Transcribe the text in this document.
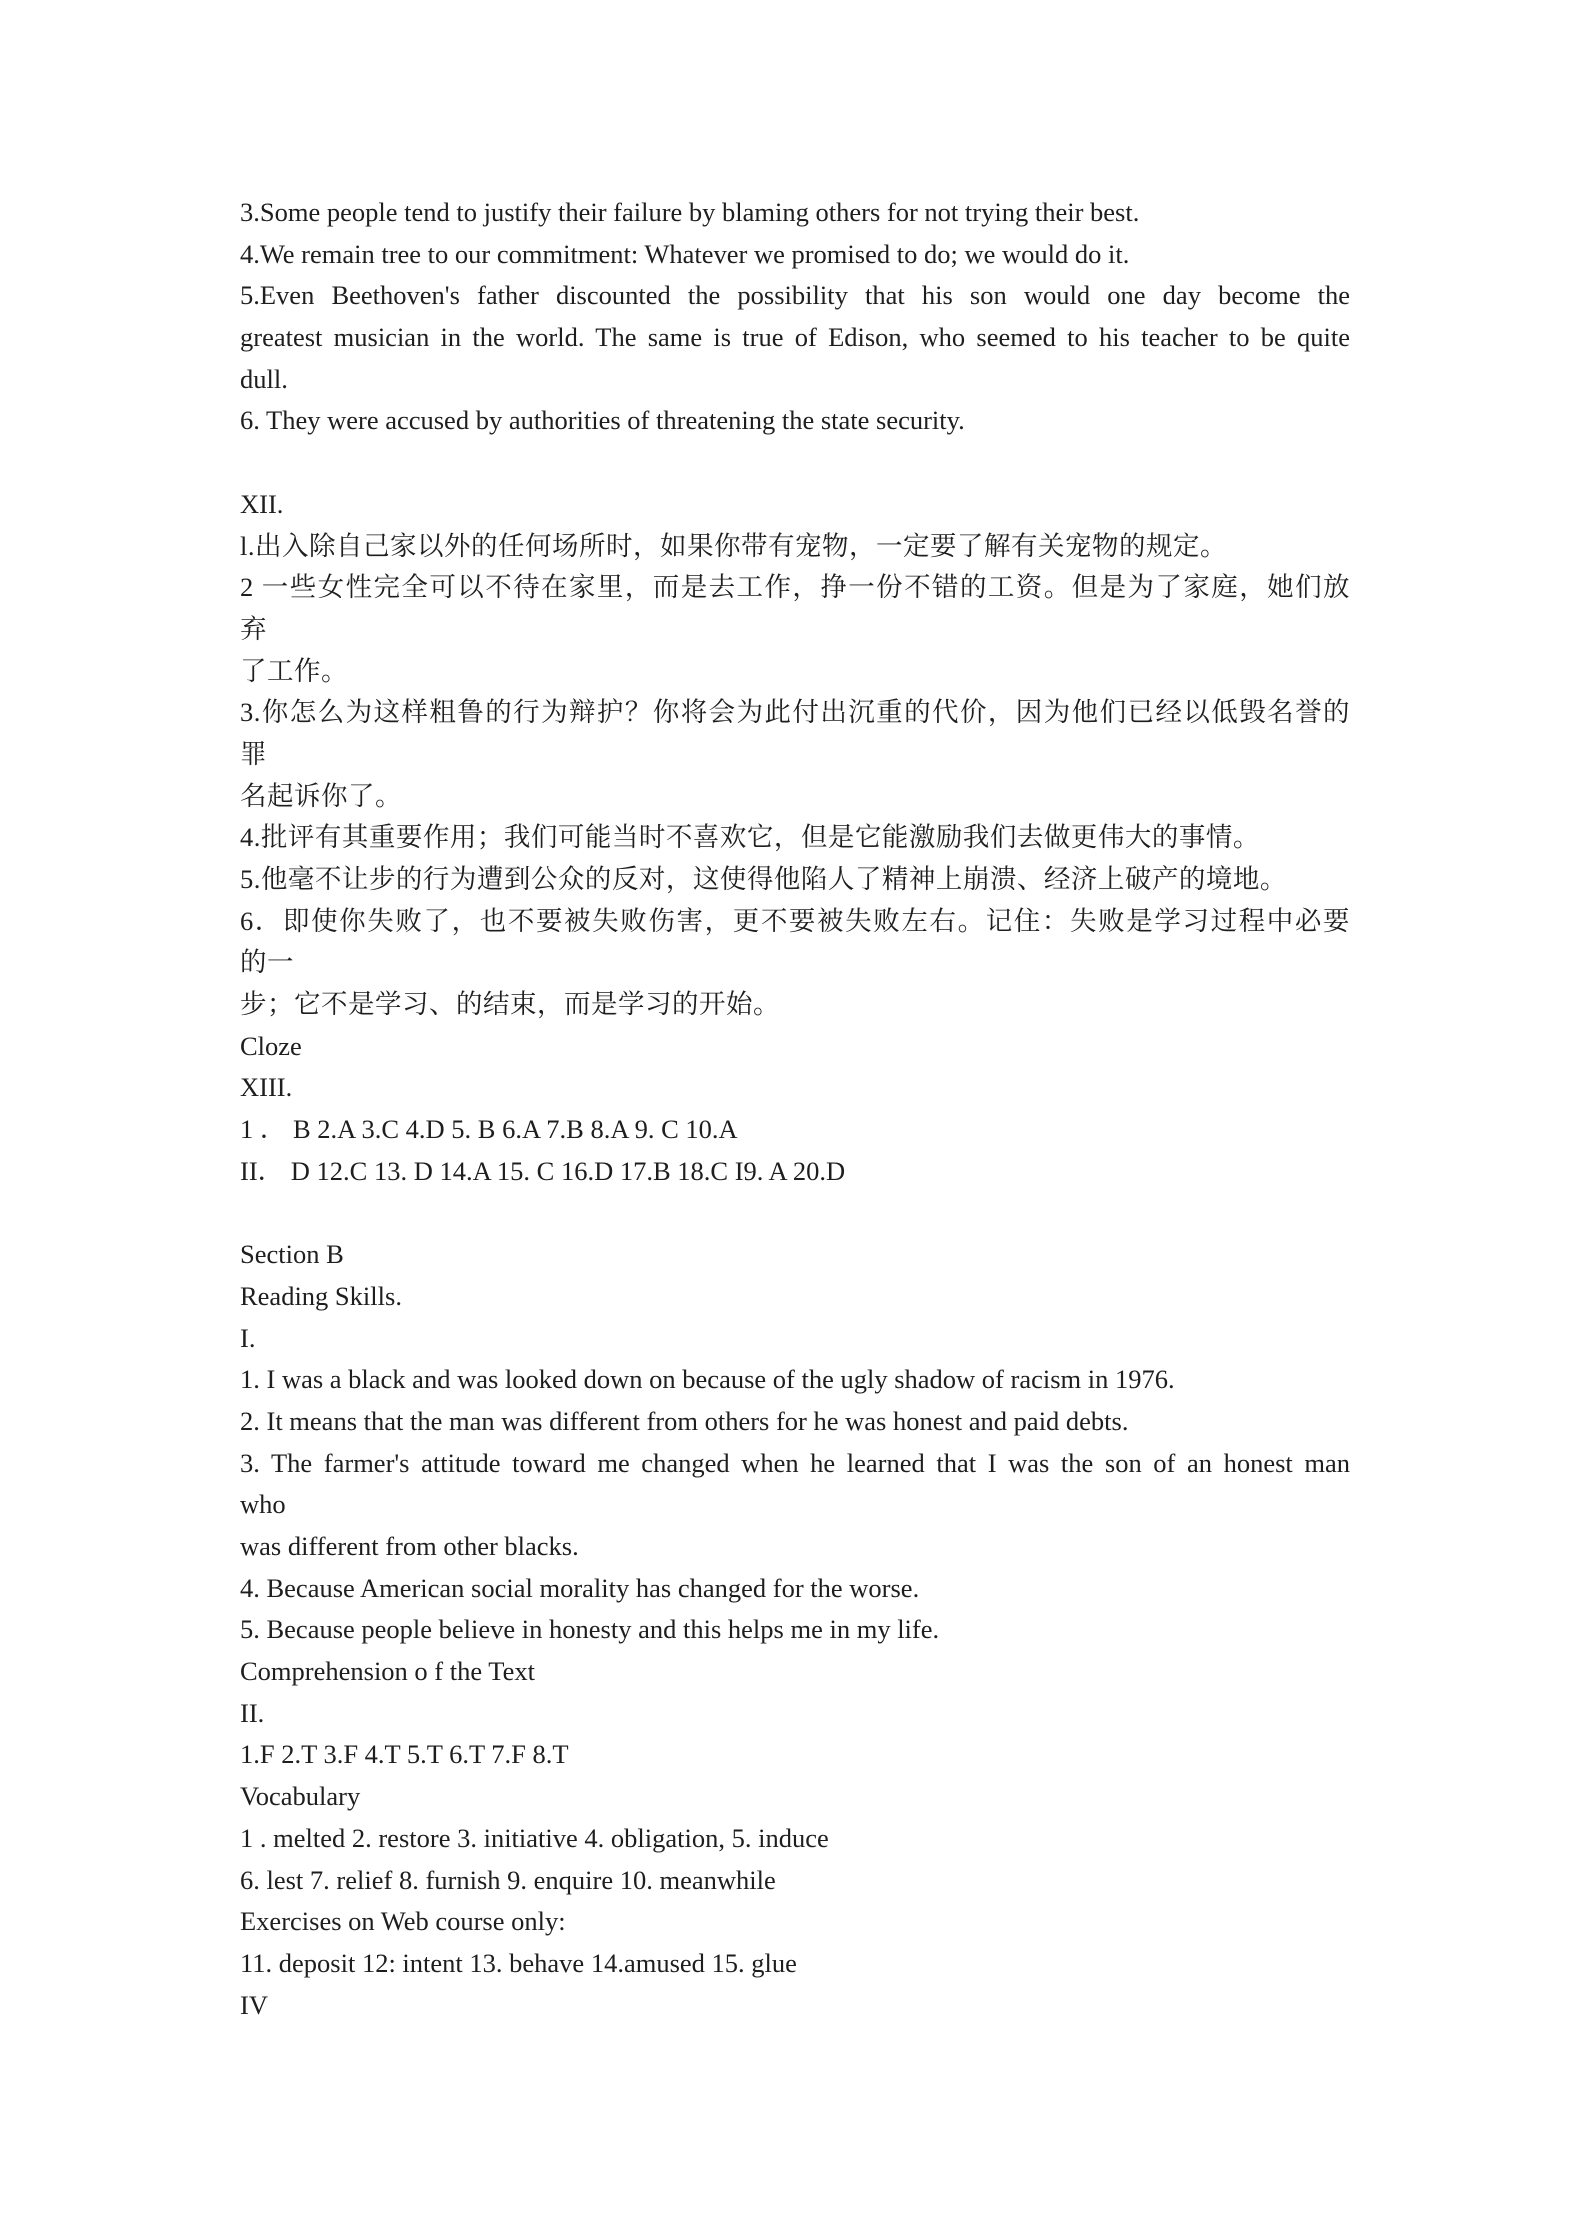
3.Some people tend to justify their failure by blaming others for not trying their best.
4.We remain tree to our commitment: Whatever we promised to do; we would do it.
5.Even Beethoven's father discounted the possibility that his son would one day become the
greatest musician in the world. The same is true of Edison, who seemed to his teacher to be quite
dull.
6. They were accused by authorities of threatening the state security.
XII.
l.出入除自己家以外的任何场所时，如果你带有宠物，一定要了解有关宠物的规定。
2 一些女性完全可以不待在家里，而是去工作，挣一份不错的工资。但是为了家庭，她们放
弃
了工作。
3.你怎么为这样粗鲁的行为辩护？你将会为此付出沉重的代价，因为他们已经以低毁名誉的
罪
名起诉你了。
4.批评有其重要作用；我们可能当时不喜欢它，但是它能激励我们去做更伟大的事情。
5.他毫不让步的行为遭到公众的反对，这使得他陷人了精神上崩溃、经济上破产的境地。
6．即使你失败了，也不要被失败伤害，更不要被失败左右。记住：失败是学习过程中必要
的一
步；它不是学习、的结束，而是学习的开始。
Cloze
XIII.
1 ． B 2.A 3.C 4.D 5. B 6.A 7.B 8.A 9. C 10.A
II． D 12.C 13. D 14.A 15. C 16.D 17.B 18.C I9. A 20.D
Section B
Reading Skills.
I.
1. I was a black and was looked down on because of the ugly shadow of racism in 1976.
2. It means that the man was different from others for he was honest and paid debts.
3. The farmer's attitude toward me changed when he learned that I was the son of an honest man
who
was different from other blacks.
4. Because American social morality has changed for the worse.
5. Because people believe in honesty and this helps me in my life.
Comprehension o f the Text
II.
1.F 2.T 3.F 4.T 5.T 6.T 7.F 8.T
Vocabulary
1 . melted 2. restore 3. initiative 4. obligation, 5. induce
6. lest 7. relief 8. furnish 9. enquire 10. meanwhile
Exercises on Web course only:
11. deposit 12: intent 13. behave 14.amused 15. glue
IV
